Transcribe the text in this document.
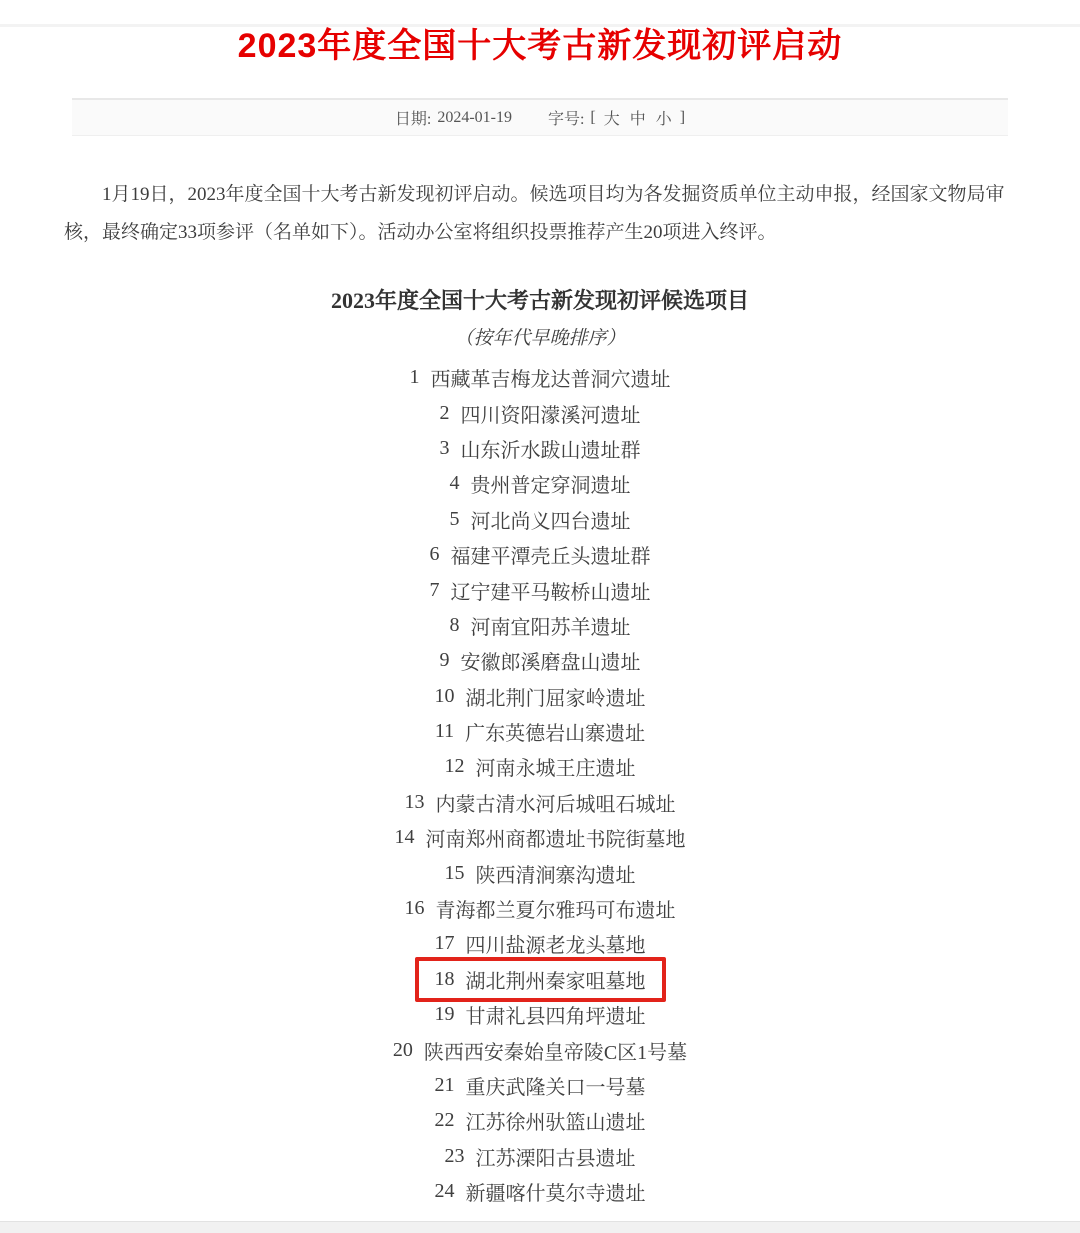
2023年度全国十大考古新发现初评启动
日期: 2024-01-19 字号: [ 大 中 小 ]

1月19日，2023年度全国十大考古新发现初评启动。候选项目均为各发掘资质单位主动申报，经国家文物局审核，最终确定33项参评（名单如下）。活动办公室将组织投票推荐产生20项进入终评。

2023年度全国十大考古新发现初评候选项目
（按年代早晚排序）
1 西藏革吉梅龙达普洞穴遗址
2 四川资阳濛溪河遗址
3 山东沂水跋山遗址群
4 贵州普定穿洞遗址
5 河北尚义四台遗址
6 福建平潭壳丘头遗址群
7 辽宁建平马鞍桥山遗址
8 河南宜阳苏羊遗址
9 安徽郎溪磨盘山遗址
10 湖北荆门屈家岭遗址
11 广东英德岩山寨遗址
12 河南永城王庄遗址
13 内蒙古清水河后城咀石城址
14 河南郑州商都遗址书院街墓地
15 陕西清涧寨沟遗址
16 青海都兰夏尔雅玛可布遗址
17 四川盐源老龙头墓地
18 湖北荆州秦家咀墓地
19 甘肃礼县四角坪遗址
20 陕西西安秦始皇帝陵C区1号墓
21 重庆武隆关口一号墓
22 江苏徐州驮篮山遗址
23 江苏溧阳古县遗址
24 新疆喀什莫尔寺遗址
